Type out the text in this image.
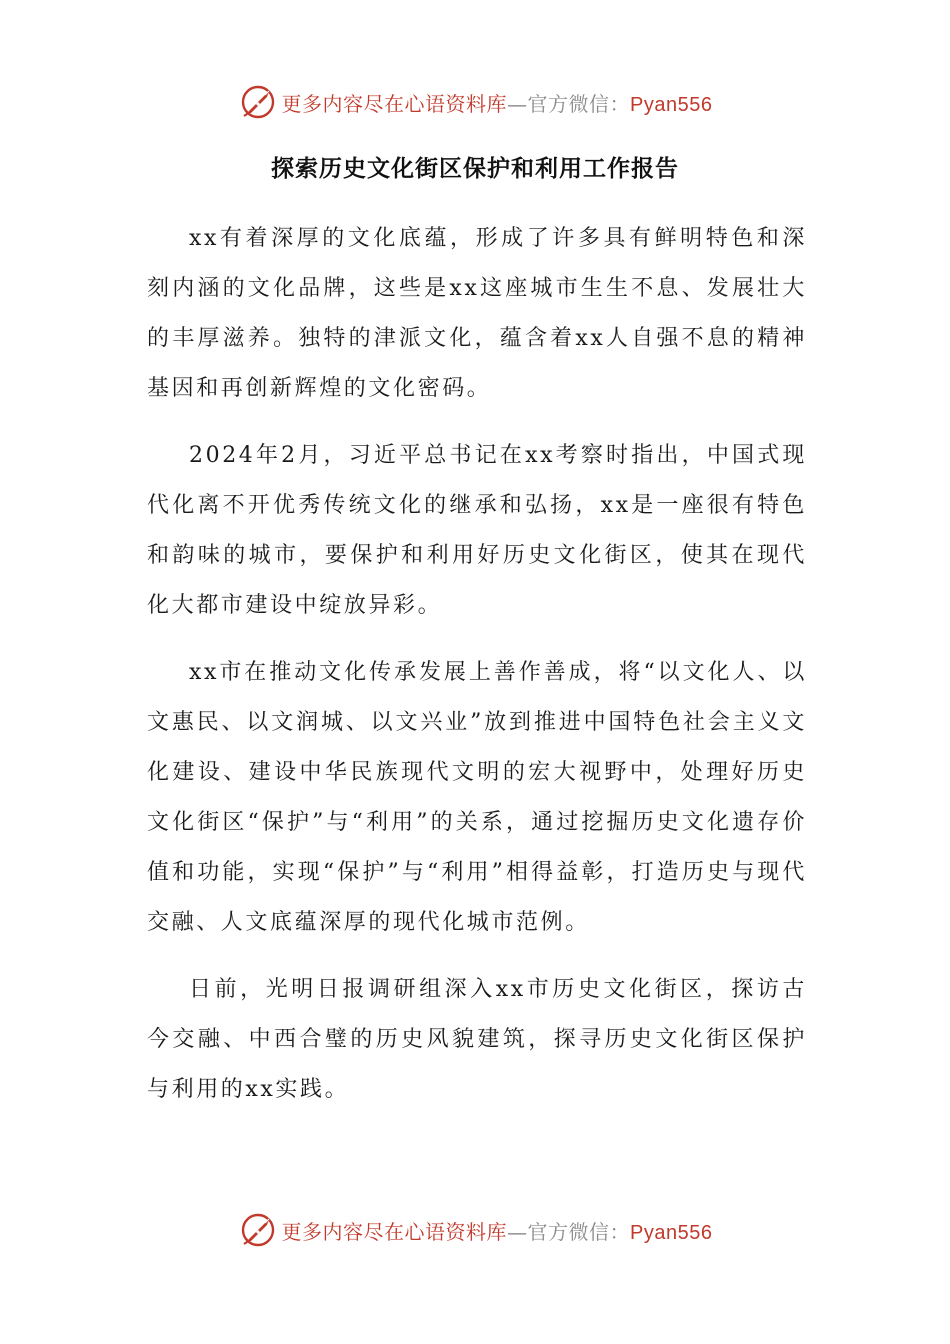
更多内容尽在心语资料库—官方微信：Pyan556
探索历史文化街区保护和利用工作报告

xx有着深厚的文化底蕴，形成了许多具有鲜明特色和深刻内涵的文化品牌，这些是xx这座城市生生不息、发展壮大的丰厚滋养。独特的津派文化，蕴含着xx人自强不息的精神基因和再创新辉煌的文化密码。

2024年2月，习近平总书记在xx考察时指出，中国式现代化离不开优秀传统文化的继承和弘扬，xx是一座很有特色和韵味的城市，要保护和利用好历史文化街区，使其在现代化大都市建设中绽放异彩。

xx市在推动文化传承发展上善作善成，将“以文化人、以文惠民、以文润城、以文兴业”放到推进中国特色社会主义文化建设、建设中华民族现代文明的宏大视野中，处理好历史文化街区“保护”与“利用”的关系，通过挖掘历史文化遗存价值和功能，实现“保护”与“利用”相得益彰，打造历史与现代交融、人文底蕴深厚的现代化城市范例。

日前，光明日报调研组深入xx市历史文化街区，探访古今交融、中西合璧的历史风貌建筑，探寻历史文化街区保护与利用的xx实践。

更多内容尽在心语资料库—官方微信：Pyan556
